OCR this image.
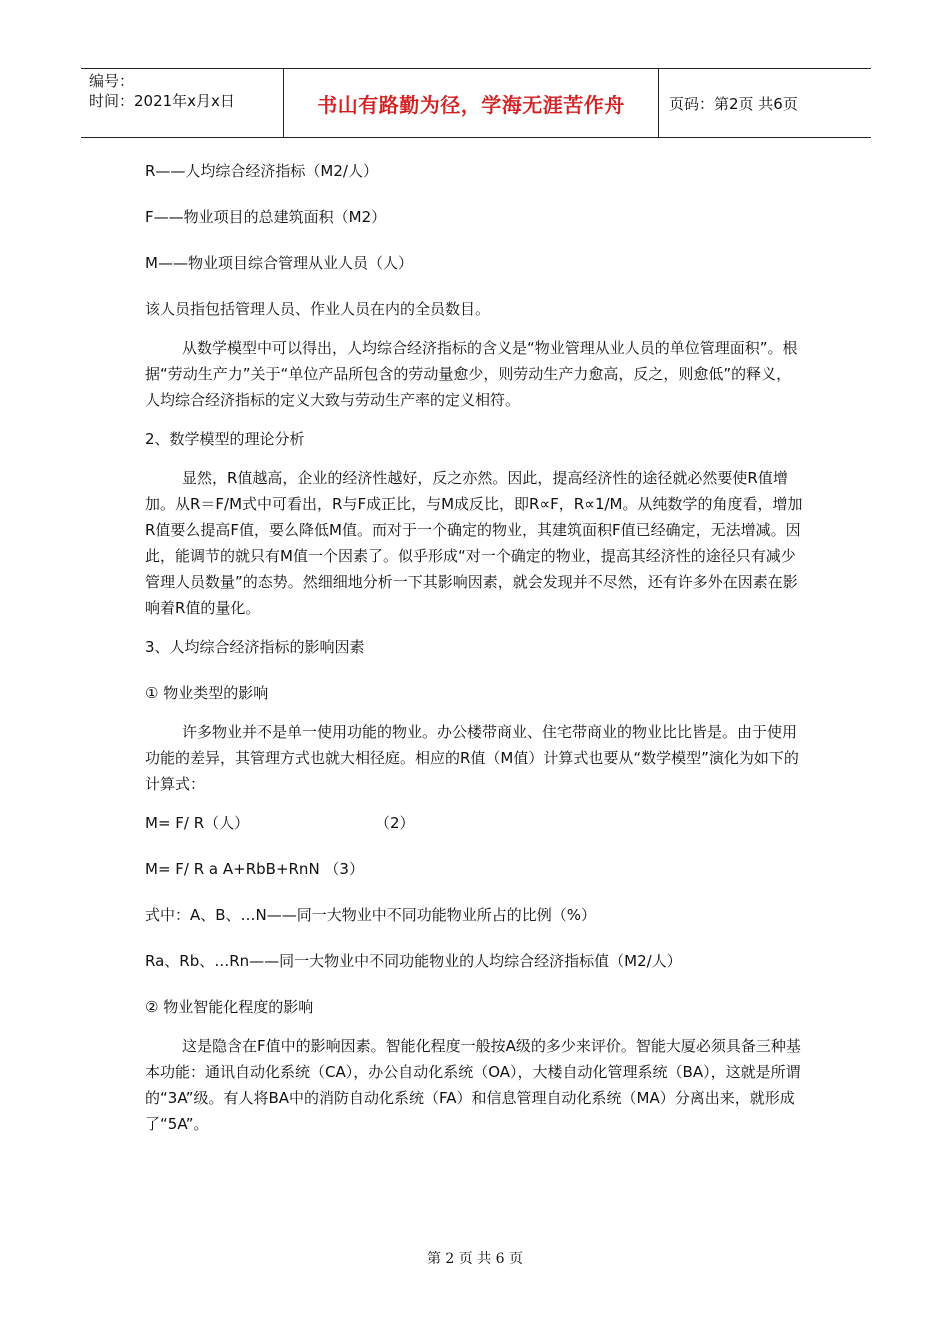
编号：
时间：2021年x月x日	书山有路勤为径，学海无涯苦作舟	页码：第2页 共6页

R——人均综合经济指标（M2/人）

F——物业项目的总建筑面积（M2）

M——物业项目综合管理从业人员（人）

该人员指包括管理人员、作业人员在内的全员数目。

从数学模型中可以得出，人均综合经济指标的含义是“物业管理从业人员的单位管理面积”。根据“劳动生产力”关于“单位产品所包含的劳动量愈少，则劳动生产力愈高，反之，则愈低”的释义，人均综合经济指标的定义大致与劳动生产率的定义相符。

2、数学模型的理论分析

显然，R值越高，企业的经济性越好，反之亦然。因此，提高经济性的途径就必然要使R值增加。从R＝F/M式中可看出，R与F成正比，与M成反比，即R∝F，R∝1/M。从纯数学的角度看，增加R值要么提高F值，要么降低M值。而对于一个确定的物业，其建筑面积F值已经确定，无法增减。因此，能调节的就只有M值一个因素了。似乎形成“对一个确定的物业，提高其经济性的途径只有减少管理人员数量”的态势。然细细地分析一下其影响因素，就会发现并不尽然，还有许多外在因素在影响着R值的量化。

3、人均综合经济指标的影响因素

① 物业类型的影响

许多物业并不是单一使用功能的物业。办公楼带商业、住宅带商业的物业比比皆是。由于使用功能的差异，其管理方式也就大相径庭。相应的R值（M值）计算式也要从“数学模型”演化为如下的计算式：

M= F/ R（人）	（2）

M= F/ R a A+RbB+RnN （3）

式中：A、B、…N——同一大物业中不同功能物业所占的比例（%）

Ra、Rb、…Rn——同一大物业中不同功能物业的人均综合经济指标值（M2/人）

② 物业智能化程度的影响

这是隐含在F值中的影响因素。智能化程度一般按A级的多少来评价。智能大厦必须具备三种基本功能：通讯自动化系统（CA），办公自动化系统（OA），大楼自动化管理系统（BA），这就是所谓的“3A”级。有人将BA中的消防自动化系统（FA）和信息管理自动化系统（MA）分离出来，就形成了“5A”。

第 2 页 共 6 页
